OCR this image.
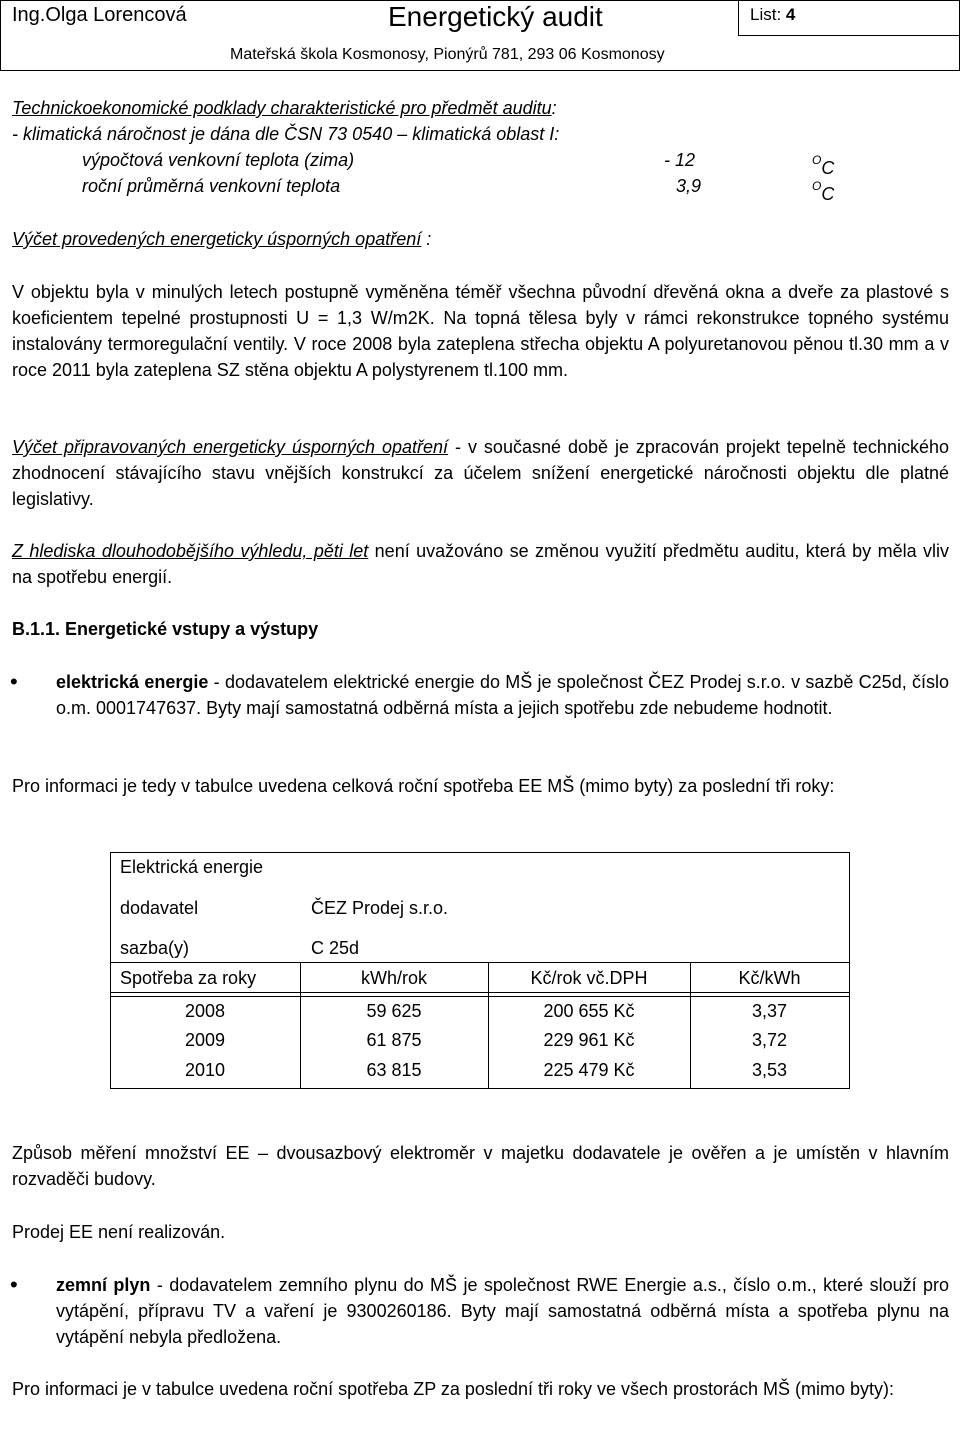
Ing.Olga Lorencová	Energetický audit	List: 4
Mateřská škola Kosmonosy, Pionýrů 781, 293 06 Kosmonosy
Technickoekonomické podklady charakteristické pro předmět auditu:
- klimatická náročnost je dána dle ČSN 73 0540 – klimatická oblast I:
výpočtová venkovní teplota (zima)	- 12	$^O$C
roční průměrná venkovní teplota	3,9	$^O$C
Výčet provedených energeticky úsporných opatření :
V objektu byla v minulých letech postupně vyměněna téměř všechna původní dřevěná okna a dveře za plastové s koeficientem tepelné prostupnosti U = 1,3 W/m2K. Na topná tělesa byly v rámci rekonstrukce topného systému instalovány termoregulační ventily. V roce 2008 byla zateplena střecha objektu A polyuretanovou pěnou tl.30 mm a v roce 2011 byla zateplena SZ stěna objektu A polystyrenem tl.100 mm.
Výčet připravovaných energeticky úsporných opatření - v současné době je zpracován projekt tepelně technického zhodnocení stávajícího stavu vnějších konstrukcí za účelem snížení energetické náročnosti objektu dle platné legislativy.
Z hlediska dlouhodobějšího výhledu, pěti let není uvažováno se změnou využití předmětu auditu, která by měla vliv na spotřebu energií.
B.1.1. Energetické vstupy a výstupy
• elektrická energie - dodavatelem elektrické energie do MŠ je společnost ČEZ Prodej s.r.o. v sazbě C25d, číslo o.m. 0001747637. Byty mají samostatná odběrná místa a jejich spotřebu zde nebudeme hodnotit.
Pro informaci je tedy v tabulce uvedena celková roční spotřeba EE MŠ (mimo byty) za poslední tři roky:
Elektrická energie
dodavatel	ČEZ Prodej s.r.o.
sazba(y)	C 25d
Spotřeba za roky	kWh/rok	Kč/rok vč.DPH	Kč/kWh
2008	59 625	200 655 Kč	3,37
2009	61 875	229 961 Kč	3,72
2010	63 815	225 479 Kč	3,53
Způsob měření množství EE – dvousazbový elektroměr v majetku dodavatele je ověřen a je umístěn v hlavním rozvaděči budovy.
Prodej EE není realizován.
• zemní plyn - dodavatelem zemního plynu do MŠ je společnost RWE Energie a.s., číslo o.m., které slouží pro vytápění, přípravu TV a vaření je 9300260186. Byty mají samostatná odběrná místa a spotřeba plynu na vytápění nebyla předložena.
Pro informaci je v tabulce uvedena roční spotřeba ZP za poslední tři roky ve všech prostorách MŠ (mimo byty):
